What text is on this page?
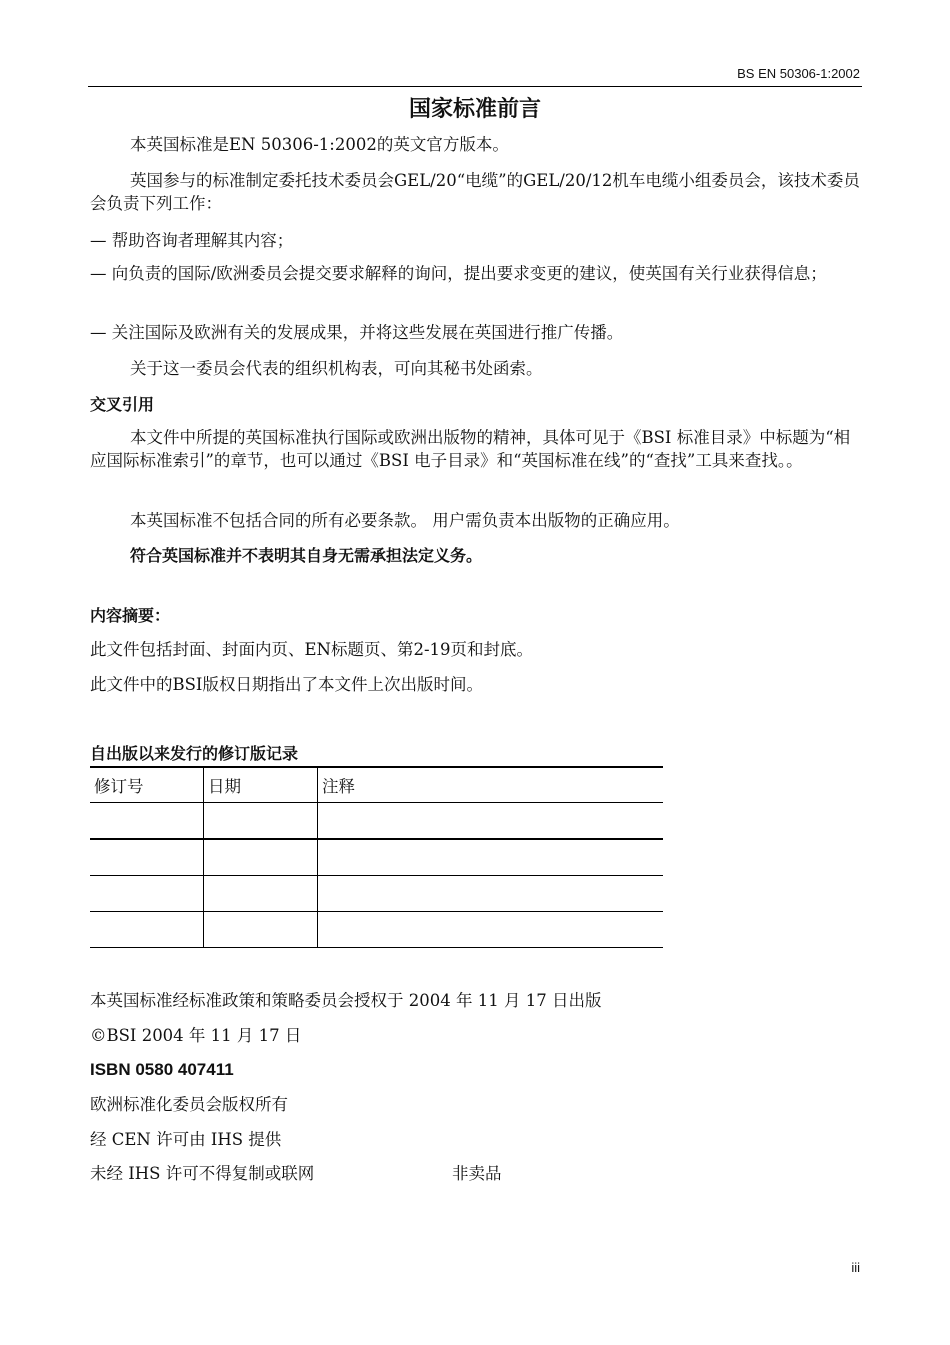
BS EN 50306-1:2002
国家标准前言
本英国标准是EN 50306-1:2002的英文官方版本。
英国参与的标准制定委托技术委员会GEL/20“电缆”的GEL/20/12机车电缆小组委员会，该技术委员会负责下列工作：
— 帮助咨询者理解其内容；
— 向负责的国际/欧洲委员会提交要求解释的询问，提出要求变更的建议，使英国有关行业获得信息；
— 关注国际及欧洲有关的发展成果，并将这些发展在英国进行推广传播。
关于这一委员会代表的组织机构表，可向其秘书处函索。
交叉引用
本文件中所提的英国标准执行国际或欧洲出版物的精神，具体可见于《BSI 标准目录》中标题为“相应国际标准索引”的章节，也可以通过《BSI 电子目录》和“英国标准在线”的“查找”工具来查找。。
本英国标准不包括合同的所有必要条款。 用户需负责本出版物的正确应用。
符合英国标准并不表明其自身无需承担法定义务。
内容摘要：
此文件包括封面、封面内页、EN标题页、第2-19页和封底。
此文件中的BSI版权日期指出了本文件上次出版时间。
自出版以来发行的修订版记录
修订号	日期	注释

本英国标准经标准政策和策略委员会授权于 2004 年 11 月 17 日出版
©BSI 2004 年 11 月 17 日
ISBN 0580 407411
欧洲标准化委员会版权所有
经 CEN 许可由 IHS 提供
未经 IHS 许可不得复制或联网	非卖品
iii
